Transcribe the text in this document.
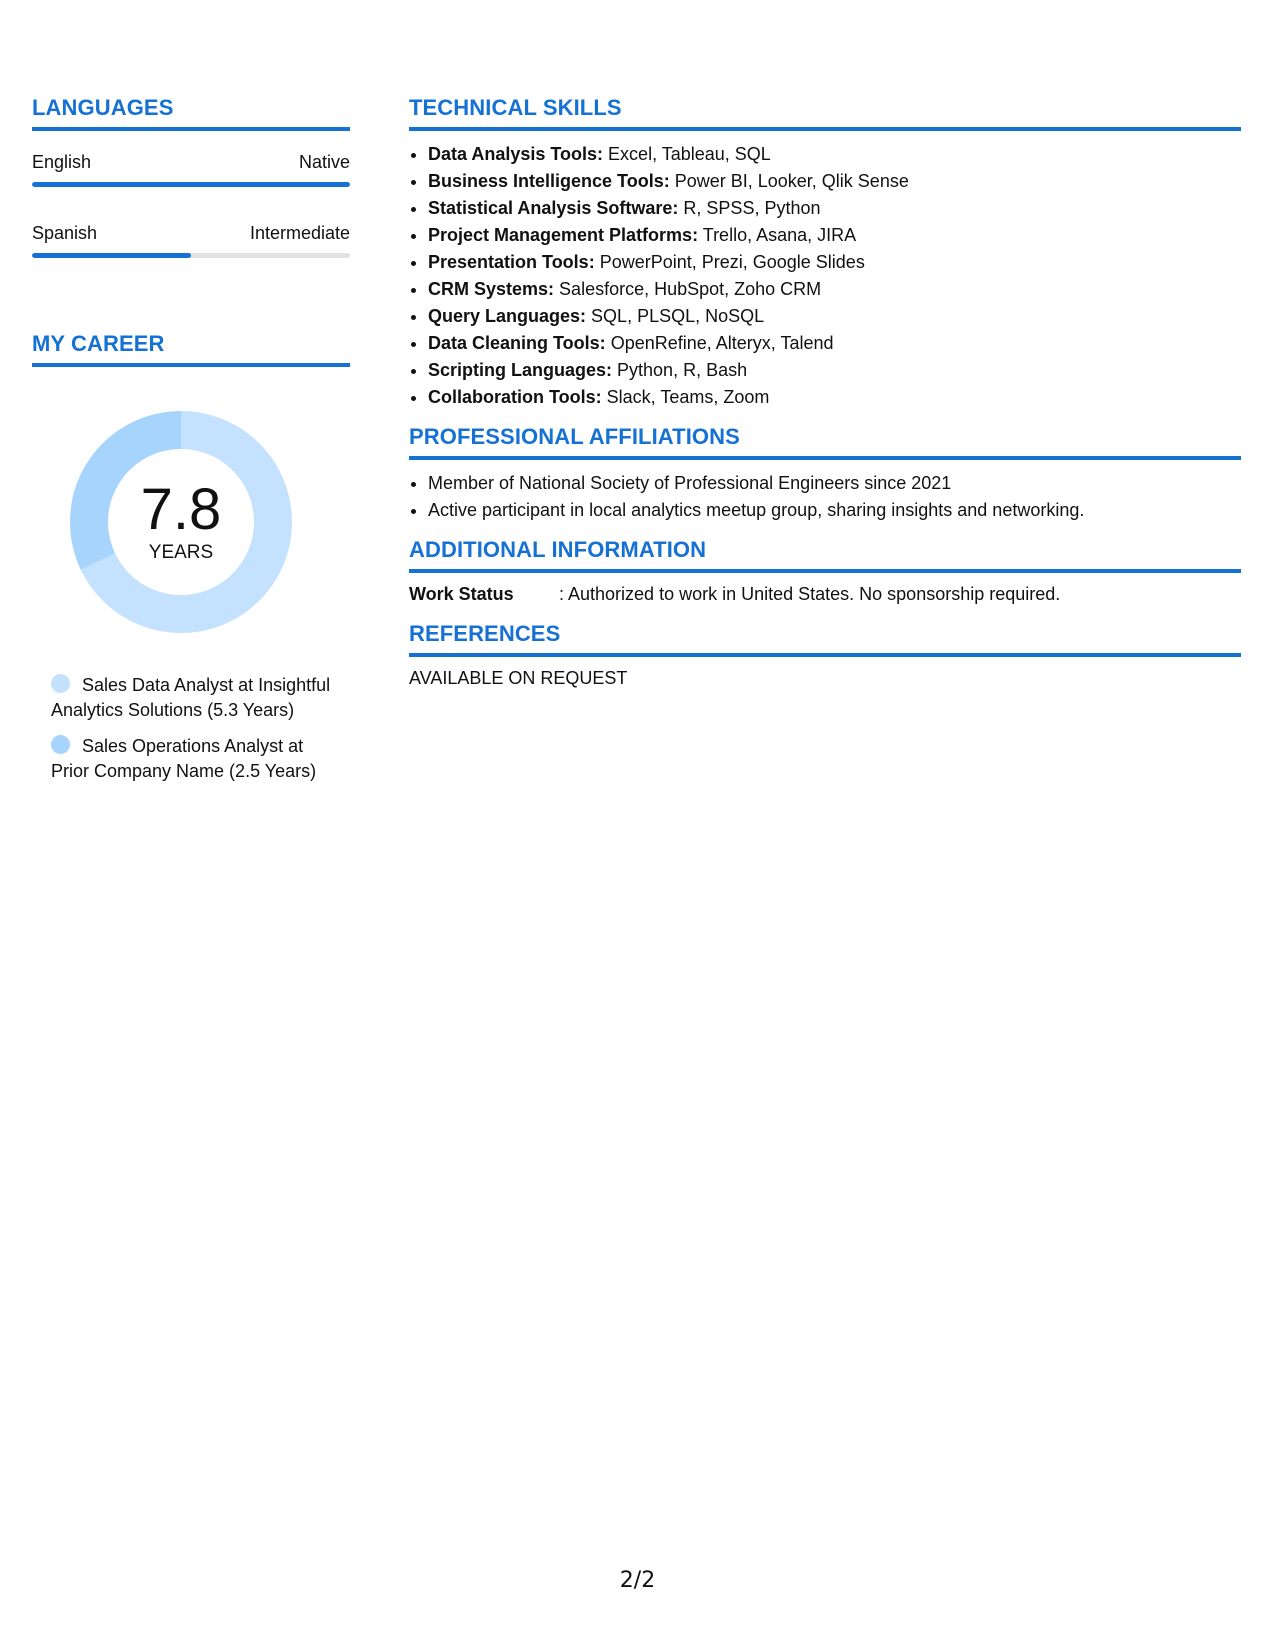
LANGUAGES
English	Native
Spanish	Intermediate
MY CAREER
7.8
YEARS
Sales Data Analyst at Insightful Analytics Solutions (5.3 Years)
Sales Operations Analyst at Prior Company Name (2.5 Years)
TECHNICAL SKILLS
• Data Analysis Tools: Excel, Tableau, SQL
• Business Intelligence Tools: Power BI, Looker, Qlik Sense
• Statistical Analysis Software: R, SPSS, Python
• Project Management Platforms: Trello, Asana, JIRA
• Presentation Tools: PowerPoint, Prezi, Google Slides
• CRM Systems: Salesforce, HubSpot, Zoho CRM
• Query Languages: SQL, PLSQL, NoSQL
• Data Cleaning Tools: OpenRefine, Alteryx, Talend
• Scripting Languages: Python, R, Bash
• Collaboration Tools: Slack, Teams, Zoom
PROFESSIONAL AFFILIATIONS
• Member of National Society of Professional Engineers since 2021
• Active participant in local analytics meetup group, sharing insights and networking.
ADDITIONAL INFORMATION
Work Status	: Authorized to work in United States. No sponsorship required.
REFERENCES
AVAILABLE ON REQUEST
2/2
